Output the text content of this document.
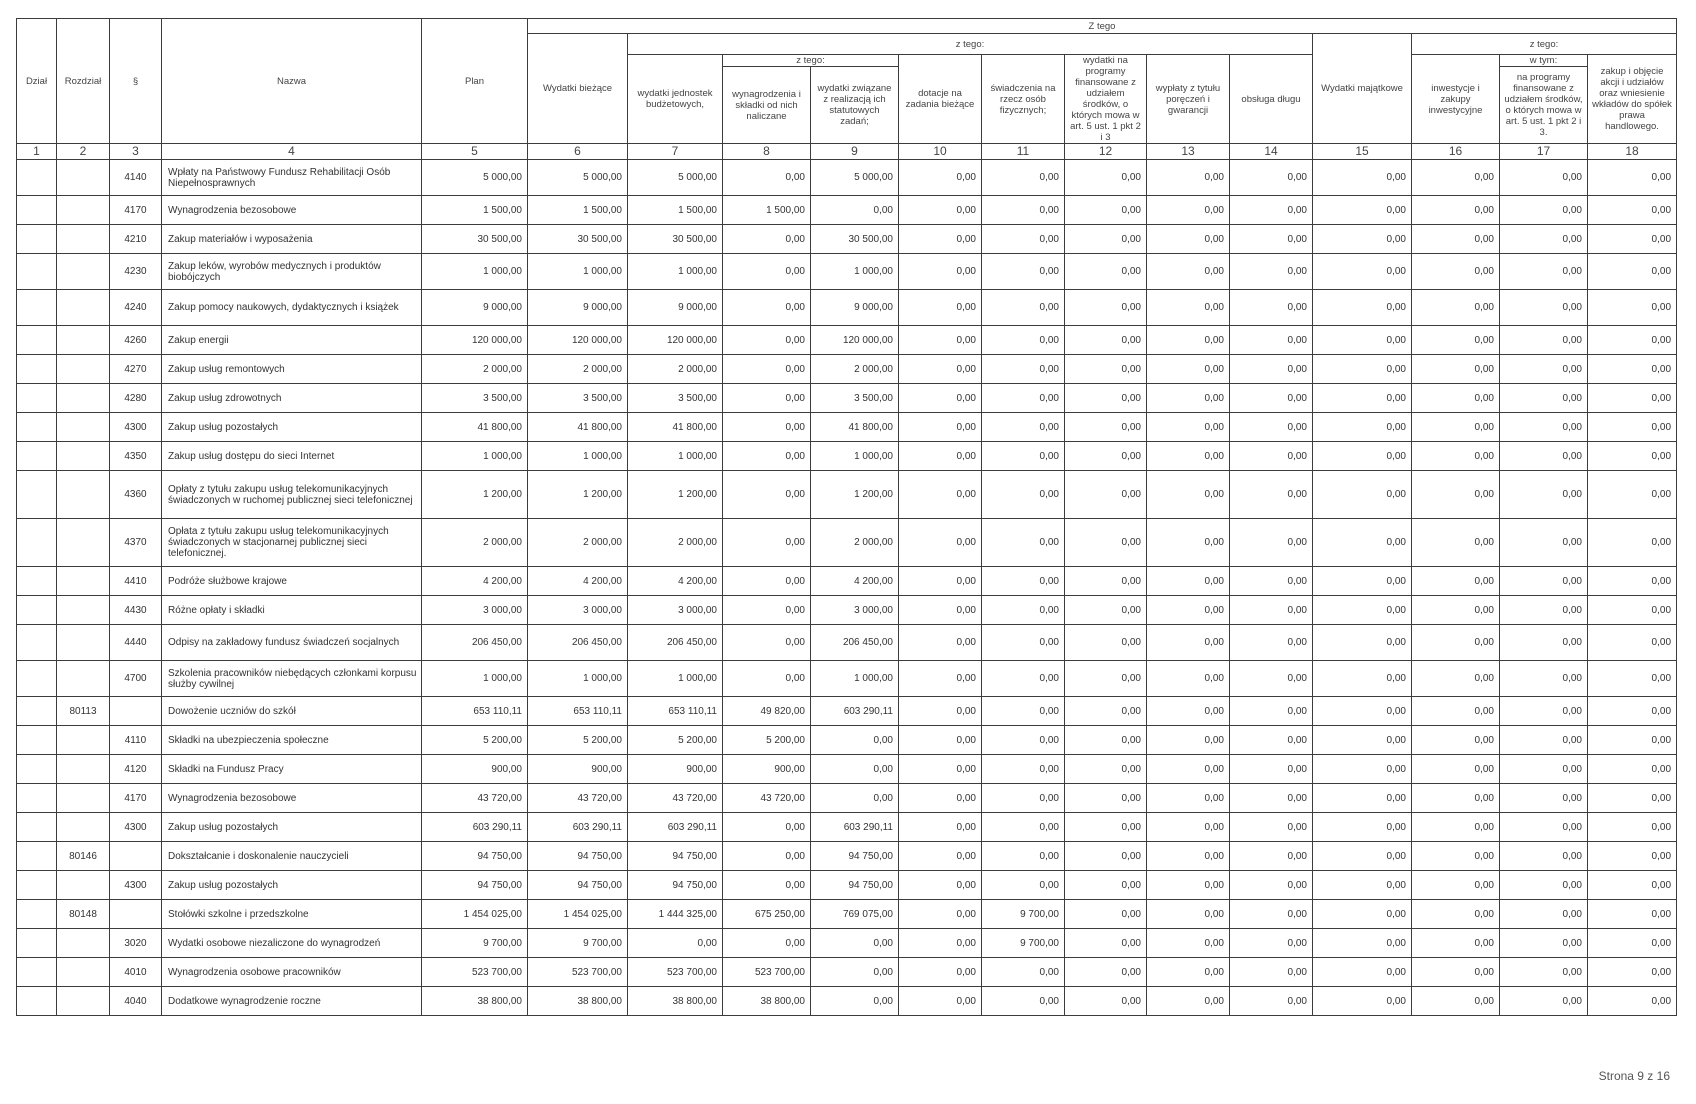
Dział	Rozdział	§	Nazwa	Plan	Z tego												
					Wydatki bieżące	z tego:								Wydatki majątkowe	z tego:		
						wydatki jednostek budżetowych,	z tego:		dotacje na zadania bieżące	świadczenia na rzecz osób fizycznych;	wydatki na programy finansowane z udziałem środków, o których mowa w art. 5 ust. 1 pkt 2 i 3	wypłaty z tytułu poręczeń i gwarancji	obsługa długu		inwestycje i zakupy inwestycyjne	w tym:	zakup i objęcie akcji i udziałów oraz wniesienie wkładów do spółek prawa handlowego.
							wynagrodzenia i składki od nich naliczane	wydatki związane z realizacją ich statutowych zadań;								na programy finansowane z udziałem środków, o których mowa w art. 5 ust. 1 pkt 2 i 3.	

1	2	3	4	5	6	7	8	9	10	11	12	13	14	15	16	17	18
		4140	Wpłaty na Państwowy Fundusz Rehabilitacji Osób Niepełnosprawnych	5 000,00	5 000,00	5 000,00	0,00	5 000,00	0,00	0,00	0,00	0,00	0,00	0,00	0,00	0,00	0,00
		4170	Wynagrodzenia bezosobowe	1 500,00	1 500,00	1 500,00	1 500,00	0,00	0,00	0,00	0,00	0,00	0,00	0,00	0,00	0,00	0,00
		4210	Zakup materiałów i wyposażenia	30 500,00	30 500,00	30 500,00	0,00	30 500,00	0,00	0,00	0,00	0,00	0,00	0,00	0,00	0,00	0,00
		4230	Zakup leków, wyrobów medycznych i produktów biobójczych	1 000,00	1 000,00	1 000,00	0,00	1 000,00	0,00	0,00	0,00	0,00	0,00	0,00	0,00	0,00	0,00
		4240	Zakup pomocy naukowych, dydaktycznych i książek	9 000,00	9 000,00	9 000,00	0,00	9 000,00	0,00	0,00	0,00	0,00	0,00	0,00	0,00	0,00	0,00
		4260	Zakup energii	120 000,00	120 000,00	120 000,00	0,00	120 000,00	0,00	0,00	0,00	0,00	0,00	0,00	0,00	0,00	0,00
		4270	Zakup usług remontowych	2 000,00	2 000,00	2 000,00	0,00	2 000,00	0,00	0,00	0,00	0,00	0,00	0,00	0,00	0,00	0,00
		4280	Zakup usług zdrowotnych	3 500,00	3 500,00	3 500,00	0,00	3 500,00	0,00	0,00	0,00	0,00	0,00	0,00	0,00	0,00	0,00
		4300	Zakup usług pozostałych	41 800,00	41 800,00	41 800,00	0,00	41 800,00	0,00	0,00	0,00	0,00	0,00	0,00	0,00	0,00	0,00
		4350	Zakup usług dostępu do sieci Internet	1 000,00	1 000,00	1 000,00	0,00	1 000,00	0,00	0,00	0,00	0,00	0,00	0,00	0,00	0,00	0,00
		4360	Opłaty z tytułu zakupu usług telekomunikacyjnych świadczonych w ruchomej publicznej sieci telefonicznej	1 200,00	1 200,00	1 200,00	0,00	1 200,00	0,00	0,00	0,00	0,00	0,00	0,00	0,00	0,00	0,00
		4370	Opłata z tytułu zakupu usług telekomunikacyjnych świadczonych w stacjonarnej publicznej sieci telefonicznej.	2 000,00	2 000,00	2 000,00	0,00	2 000,00	0,00	0,00	0,00	0,00	0,00	0,00	0,00	0,00	0,00
		4410	Podróże służbowe krajowe	4 200,00	4 200,00	4 200,00	0,00	4 200,00	0,00	0,00	0,00	0,00	0,00	0,00	0,00	0,00	0,00
		4430	Różne opłaty i składki	3 000,00	3 000,00	3 000,00	0,00	3 000,00	0,00	0,00	0,00	0,00	0,00	0,00	0,00	0,00	0,00
		4440	Odpisy na zakładowy fundusz świadczeń socjalnych	206 450,00	206 450,00	206 450,00	0,00	206 450,00	0,00	0,00	0,00	0,00	0,00	0,00	0,00	0,00	0,00
		4700	Szkolenia pracowników niebędących członkami korpusu służby cywilnej	1 000,00	1 000,00	1 000,00	0,00	1 000,00	0,00	0,00	0,00	0,00	0,00	0,00	0,00	0,00	0,00
	80113		Dowożenie uczniów do szkół	653 110,11	653 110,11	653 110,11	49 820,00	603 290,11	0,00	0,00	0,00	0,00	0,00	0,00	0,00	0,00	0,00
		4110	Składki na ubezpieczenia społeczne	5 200,00	5 200,00	5 200,00	5 200,00	0,00	0,00	0,00	0,00	0,00	0,00	0,00	0,00	0,00	0,00
		4120	Składki na Fundusz Pracy	900,00	900,00	900,00	900,00	0,00	0,00	0,00	0,00	0,00	0,00	0,00	0,00	0,00	0,00
		4170	Wynagrodzenia bezosobowe	43 720,00	43 720,00	43 720,00	43 720,00	0,00	0,00	0,00	0,00	0,00	0,00	0,00	0,00	0,00	0,00
		4300	Zakup usług pozostałych	603 290,11	603 290,11	603 290,11	0,00	603 290,11	0,00	0,00	0,00	0,00	0,00	0,00	0,00	0,00	0,00
	80146		Dokształcanie i doskonalenie nauczycieli	94 750,00	94 750,00	94 750,00	0,00	94 750,00	0,00	0,00	0,00	0,00	0,00	0,00	0,00	0,00	0,00
		4300	Zakup usług pozostałych	94 750,00	94 750,00	94 750,00	0,00	94 750,00	0,00	0,00	0,00	0,00	0,00	0,00	0,00	0,00	0,00
	80148		Stołówki szkolne i przedszkolne	1 454 025,00	1 454 025,00	1 444 325,00	675 250,00	769 075,00	0,00	9 700,00	0,00	0,00	0,00	0,00	0,00	0,00	0,00
		3020	Wydatki osobowe niezaliczone do wynagrodzeń	9 700,00	9 700,00	0,00	0,00	0,00	0,00	9 700,00	0,00	0,00	0,00	0,00	0,00	0,00	0,00
		4010	Wynagrodzenia osobowe pracowników	523 700,00	523 700,00	523 700,00	523 700,00	0,00	0,00	0,00	0,00	0,00	0,00	0,00	0,00	0,00	0,00
		4040	Dodatkowe wynagrodzenie roczne	38 800,00	38 800,00	38 800,00	38 800,00	0,00	0,00	0,00	0,00	0,00	0,00	0,00	0,00	0,00	0,00
Strona 9 z 16
